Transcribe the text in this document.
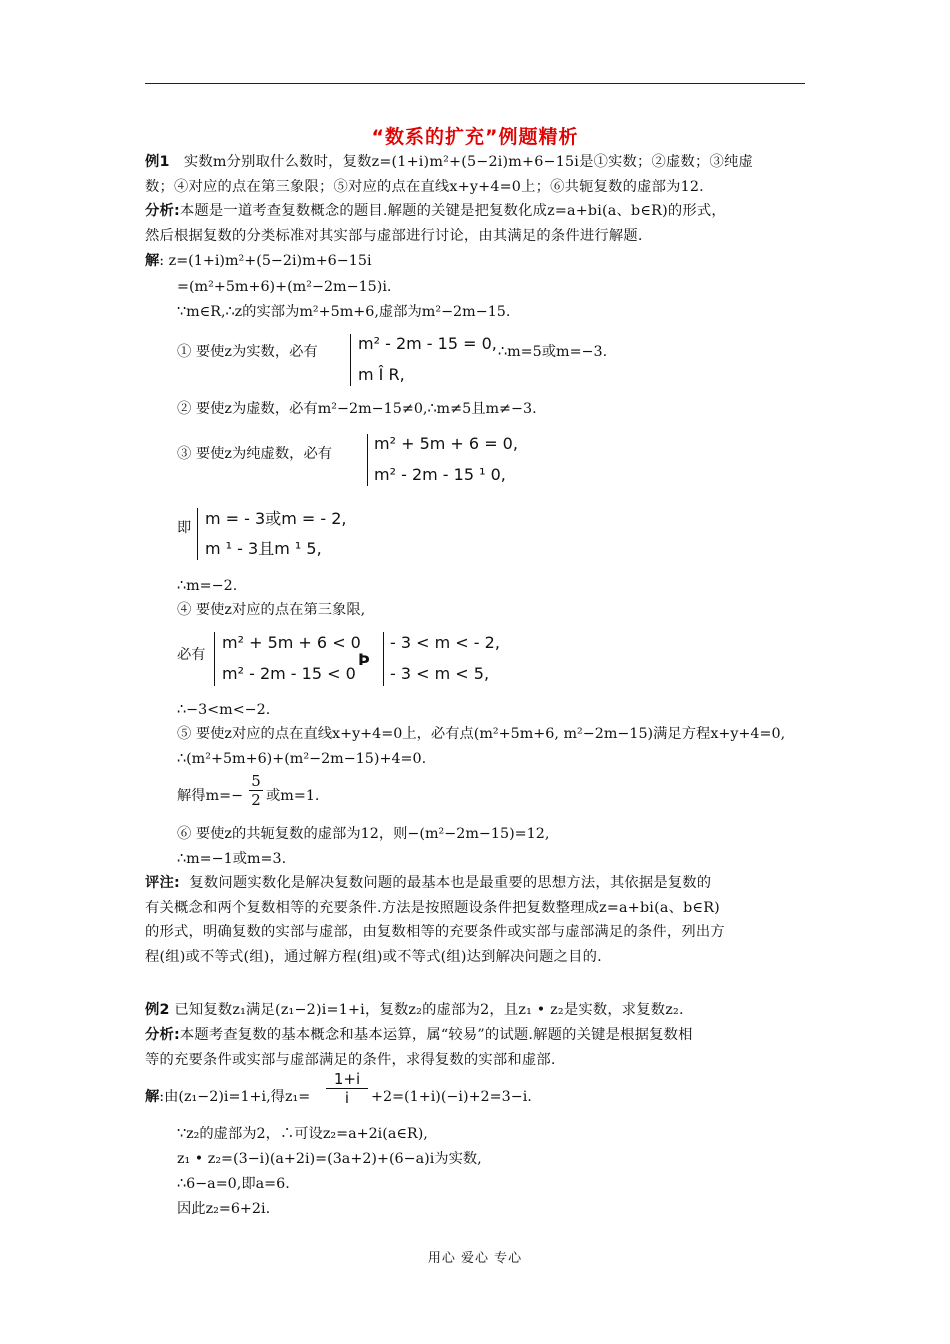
“数系的扩充”例题精析
例1 实数m分别取什么数时，复数z=(1+i)m²+(5−2i)m+6−15i是①实数；②虚数；③纯虚
数；④对应的点在第三象限；⑤对应的点在直线x+y+4=0上；⑥共轭复数的虚部为12.
分析:本题是一道考查复数概念的题目.解题的关键是把复数化成z=a+bi(a、b∈R)的形式，
然后根据复数的分类标准对其实部与虚部进行讨论，由其满足的条件进行解题.
解: z=(1+i)m²+(5−2i)m+6−15i
=(m²+5m+6)+(m²−2m−15)i.
∵m∈R,∴z的实部为m²+5m+6,虚部为m²−2m−15.
① 要使z为实数，必有	m² - 2m - 15 = 0,
m Î R,
∴m=5或m=−3.
② 要使z为虚数，必有m²−2m−15≠0,∴m≠5且m≠−3.
③ 要使z为纯虚数，必有
m² + 5m + 6 = 0,
m² - 2m - 15 ¹ 0,
即 m = - 3或m = - 2,
m ¹ - 3且m ¹ 5,
∴m=−2.
④ 要使z对应的点在第三象限,
必有
m² + 5m + 6 < 0
m² - 2m - 15 < 0
Þ
- 3 < m < - 2,
- 3 < m < 5,
∴−3<m<−2.
⑤ 要使z对应的点在直线x+y+4=0上，必有点(m²+5m+6, m²−2m−15)满足方程x+y+4=0,
∴(m²+5m+6)+(m²−2m−15)+4=0.
解得$m=- \frac{5}{2}$ 或m=1.
⑥ 要使z的共轭复数的虚部为12，则−(m²−2m−15)=12,
∴m=−1或m=3.
评注: 复数问题实数化是解决复数问题的最基本也是最重要的思想方法，其依据是复数的
有关概念和两个复数相等的充要条件.方法是按照题设条件把复数整理成z=a+bi(a、b∈R)
的形式，明确复数的实部与虚部，由复数相等的充要条件或实部与虚部满足的条件，列出方
程(组)或不等式(组)，通过解方程(组)或不等式(组)达到解决问题之目的.
例2 已知复数z₁满足(z₁−2)i=1+i，复数z₂的虚部为2，且z₁ • z₂是实数，求复数z₂.
分析:本题考查复数的基本概念和基本运算，属“较易”的试题.解题的关键是根据复数相
等的充要条件或实部与虚部满足的条件，求得复数的实部和虚部.
解:由(z₁−2)i=1+i,得$z_1= \frac{1+i}{i} +2=(1+i)(-i)+2=3-i$.
∵z₂的虚部为2，∴可设z₂=a+2i(a∈R),
z₁ • z₂=(3−i)(a+2i)=(3a+2)+(6−a)i为实数,
∴6−a=0,即a=6.
因此z₂=6+2i.
用心 爱心 专心
